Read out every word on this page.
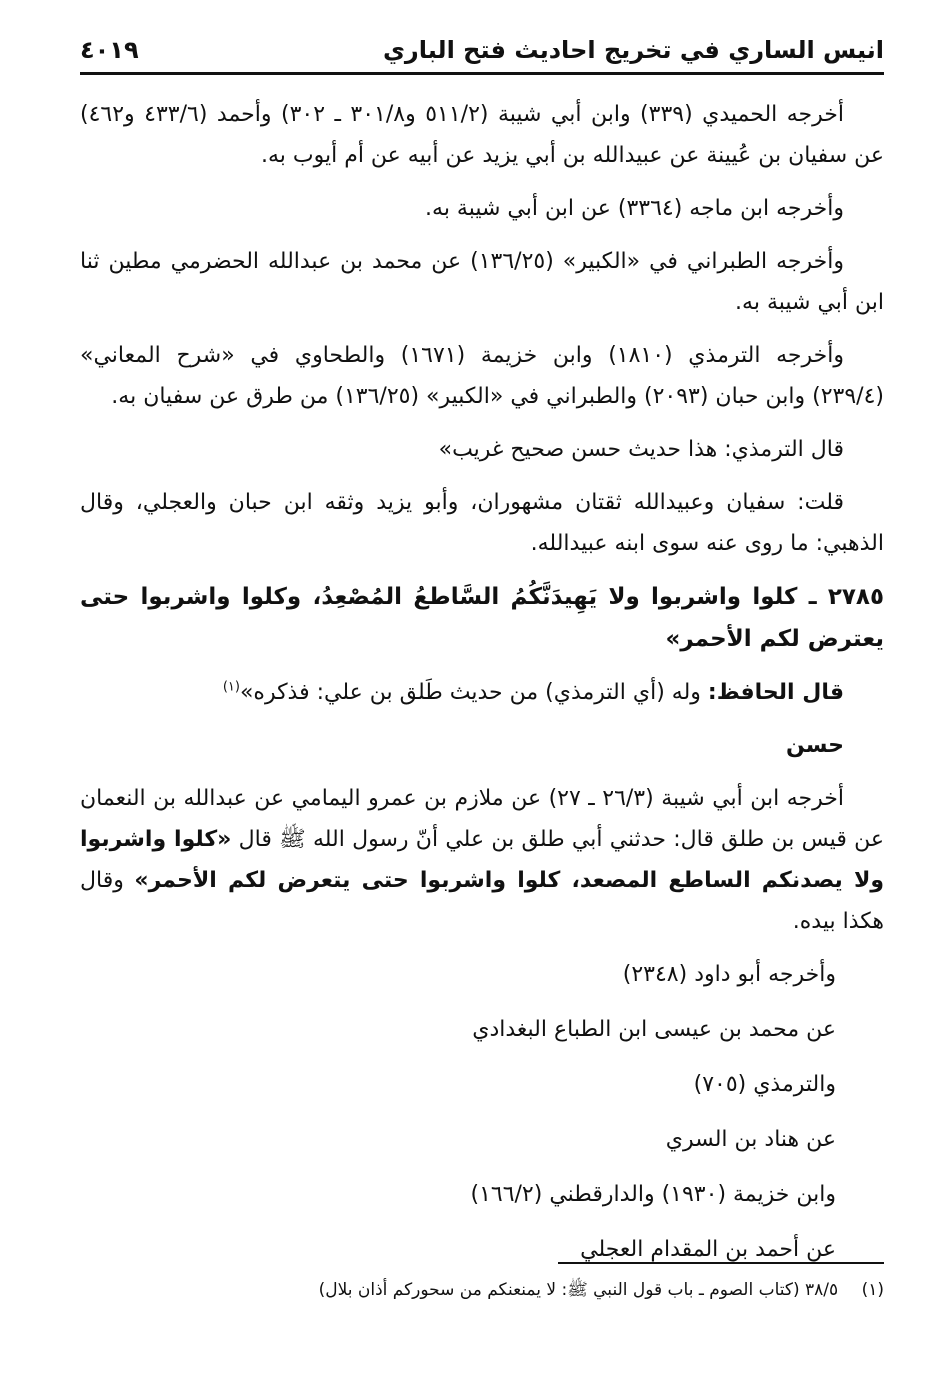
انيس الساري في تخريج احاديث فتح الباري
٤٠١٩

أخرجه الحميدي (٣٣٩) وابن أبي شيبة (٥١١/٢ و٣٠١/٨ ـ ٣٠٢) وأحمد (٤٣٣/٦ و٤٦٢) عن سفيان بن عُيينة عن عبيدالله بن أبي يزيد عن أبيه عن أم أيوب به.

وأخرجه ابن ماجه (٣٣٦٤) عن ابن أبي شيبة به.

وأخرجه الطبراني في «الكبير» (١٣٦/٢٥) عن محمد بن عبدالله الحضرمي مطين ثنا ابن أبي شيبة به.

وأخرجه الترمذي (١٨١٠) وابن خزيمة (١٦٧١) والطحاوي في «شرح المعاني» (٢٣٩/٤) وابن حبان (٢٠٩٣) والطبراني في «الكبير» (١٣٦/٢٥) من طرق عن سفيان به.

قال الترمذي: هذا حديث حسن صحيح غريب»

قلت: سفيان وعبيدالله ثقتان مشهوران، وأبو يزيد وثقه ابن حبان والعجلي، وقال الذهبي: ما روى عنه سوى ابنه عبيدالله.

٢٧٨٥ ـ كلوا واشربوا ولا يَهِيدَنَّكُمُ السَّاطعُ المُصْعِدُ، وكلوا واشربوا حتى يعترض لكم الأحمر»

قال الحافظ: وله (أي الترمذي) من حديث طَلق بن علي: فذكره»$^{(١)}$

حسن

أخرجه ابن أبي شيبة (٢٦/٣ ـ ٢٧) عن ملازم بن عمرو اليمامي عن عبدالله بن النعمان عن قيس بن طلق قال: حدثني أبي طلق بن علي أنّ رسول الله ﷺ قال «كلوا واشربوا ولا يصدنكم الساطع المصعد، كلوا واشربوا حتى يتعرض لكم الأحمر» وقال هكذا بيده.

وأخرجه أبو داود (٢٣٤٨)

عن محمد بن عيسى ابن الطباع البغدادي

والترمذي (٧٠٥)

عن هناد بن السري

وابن خزيمة (١٩٣٠) والدارقطني (١٦٦/٢)

عن أحمد بن المقدام العجلي

(١) ٣٨/٥ (كتاب الصوم ـ باب قول النبي ﷺ: لا يمنعنكم من سحوركم أذان بلال)
